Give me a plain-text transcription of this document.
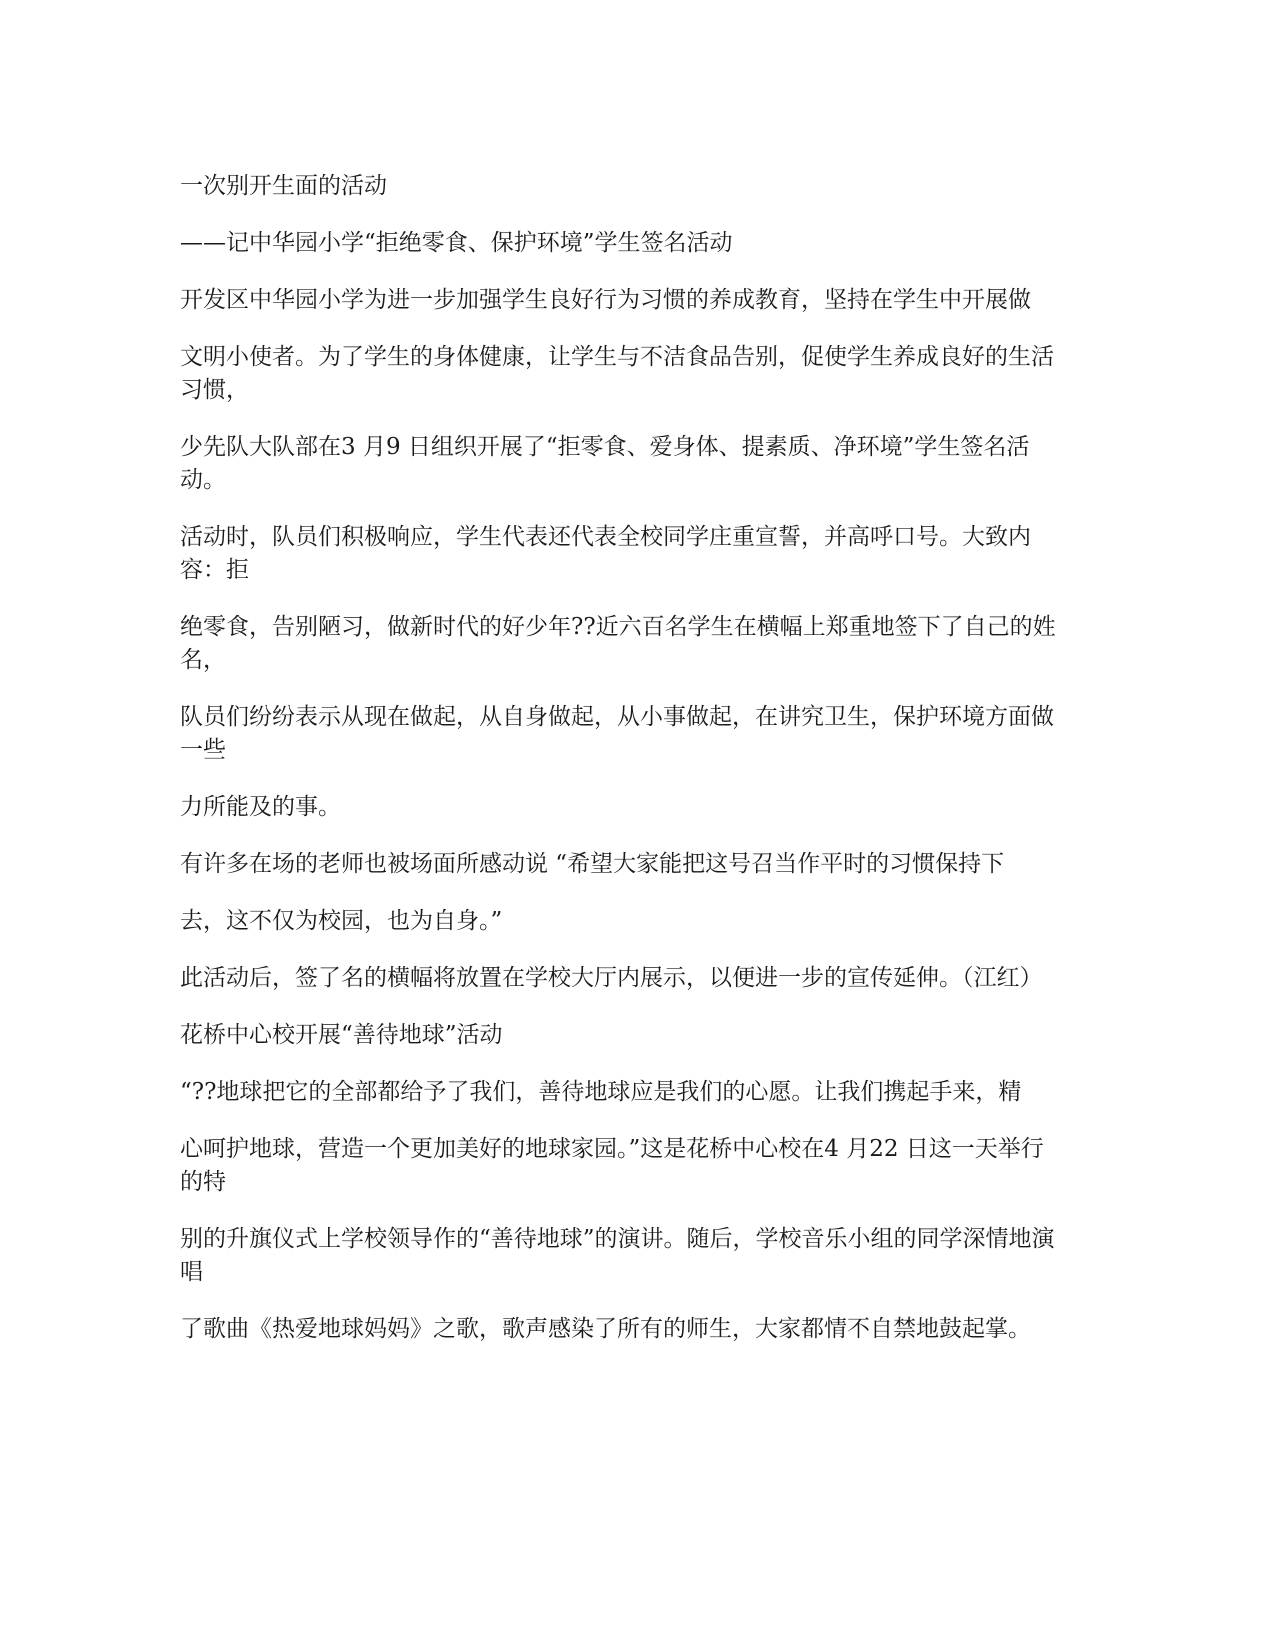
一次别开生面的活动

——记中华园小学“拒绝零食、保护环境”学生签名活动

开发区中华园小学为进一步加强学生良好行为习惯的养成教育，坚持在学生中开展做

文明小使者。为了学生的身体健康，让学生与不洁食品告别，促使学生养成良好的生活习惯，

少先队大队部在3 月9 日组织开展了“拒零食、爱身体、提素质、净环境”学生签名活动。

活动时，队员们积极响应，学生代表还代表全校同学庄重宣誓，并高呼口号。大致内容：拒

绝零食，告别陋习，做新时代的好少年??近六百名学生在横幅上郑重地签下了自己的姓名，

队员们纷纷表示从现在做起，从自身做起，从小事做起，在讲究卫生，保护环境方面做一些

力所能及的事。

有许多在场的老师也被场面所感动说 “希望大家能把这号召当作平时的习惯保持下

去，这不仅为校园，也为自身。”

此活动后，签了名的横幅将放置在学校大厅内展示，以便进一步的宣传延伸。（江红）

花桥中心校开展“善待地球”活动

“??地球把它的全部都给予了我们，善待地球应是我们的心愿。让我们携起手来，精

心呵护地球，营造一个更加美好的地球家园。”这是花桥中心校在4 月22 日这一天举行的特

别的升旗仪式上学校领导作的“善待地球”的演讲。随后，学校音乐小组的同学深情地演唱

了歌曲《热爱地球妈妈》之歌，歌声感染了所有的师生，大家都情不自禁地鼓起掌。
